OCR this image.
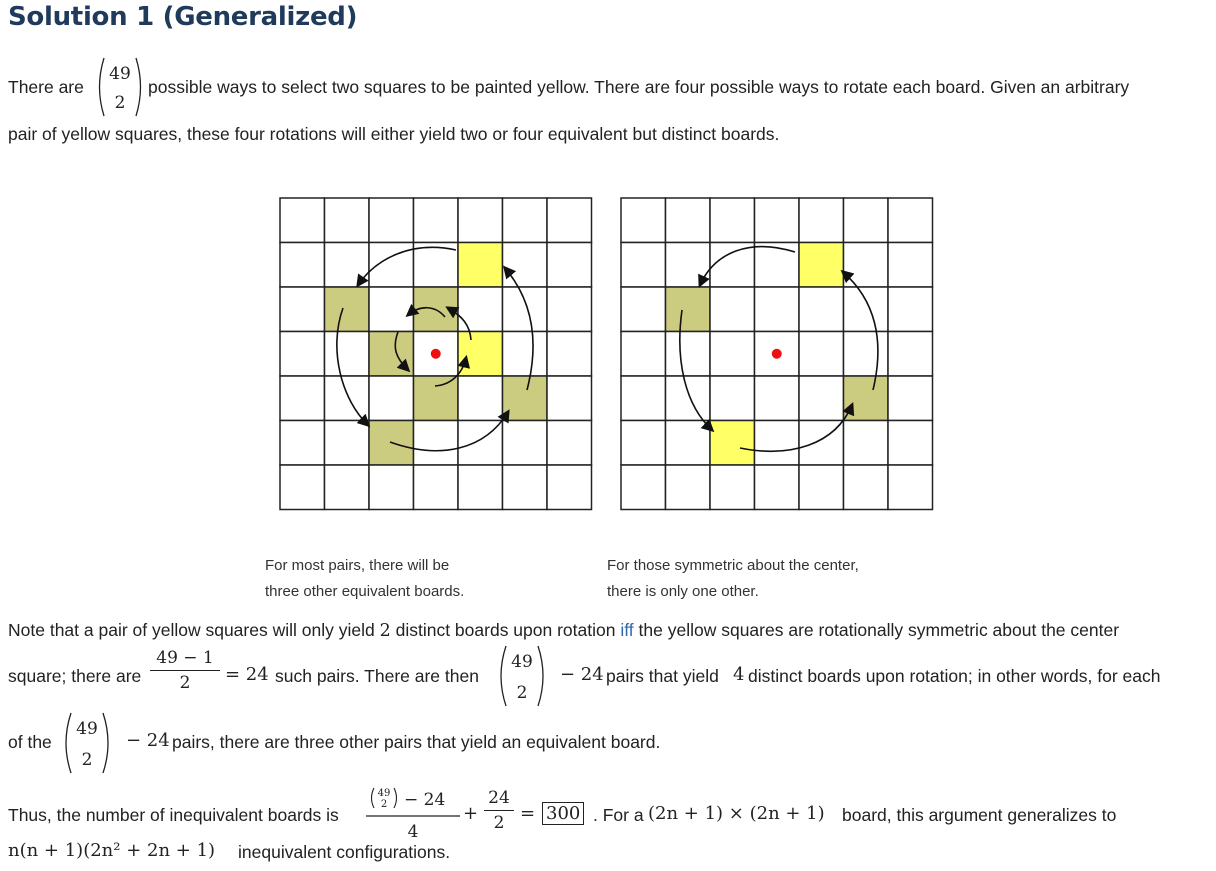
Solution 1 (Generalized)
There are
49
2
possible ways to select two squares to be painted yellow. There are four possible ways to rotate each board. Given an arbitrary
pair of yellow squares, these four rotations will either yield two or four equivalent but distinct boards.
For most pairs, there will be
three other equivalent boards.
For those symmetric about the center,
there is only one other.
Note that a pair of yellow squares will only yield 2 distinct boards upon rotation iff the yellow squares are rotationally symmetric about the center
square; there are
49 − 1
2	= 24 such pairs. There are then
49
2
− 24 pairs that yield 4 distinct boards upon rotation; in other words, for each
of the
49
2
− 24 pairs, there are three other pairs that yield an equivalent board.
Thus, the number of inequivalent boards is
49
2 − 24
4
+
24
2 = 300 . For a (2n + 1) × (2n + 1) board, this argument generalizes to
n(n + 1)(2n² + 2n + 1) inequivalent configurations.
